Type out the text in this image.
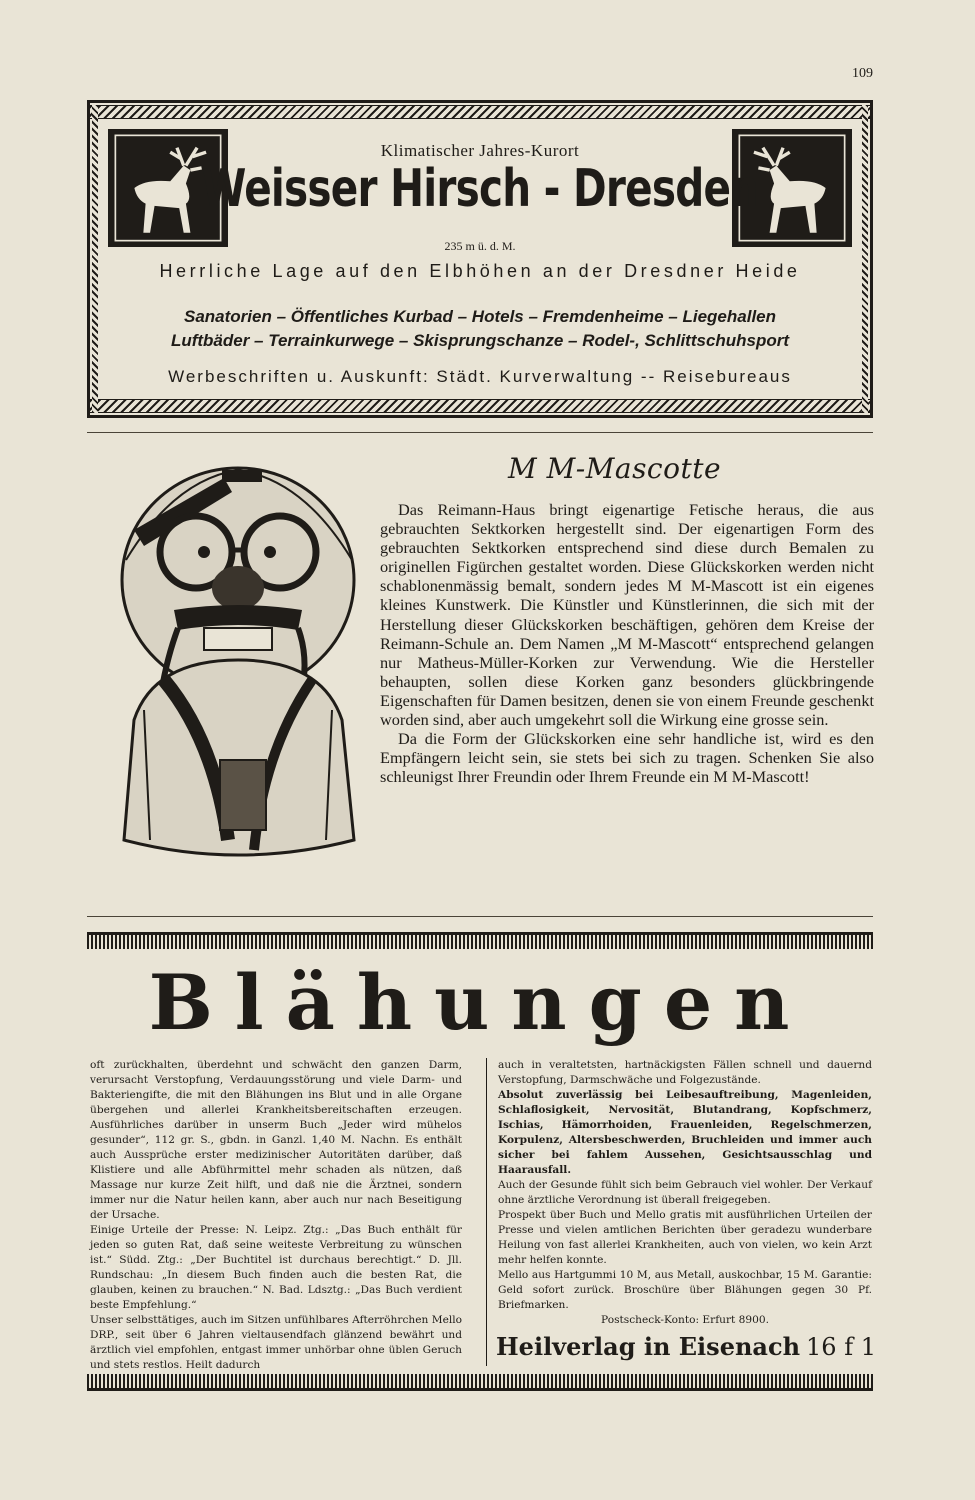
109
Klimatischer Jahres-Kurort
Weisser Hirsch - Dresden
235 m ü. d. M.
Herrliche Lage auf den Elbhöhen an der Dresdner Heide
Sanatorien – Öffentliches Kurbad – Hotels – Fremdenheime – Liegehallen
Luftbäder – Terrainkurwege – Skisprungschanze – Rodel-, Schlittschuhsport
Werbeschriften u. Auskunft: Städt. Kurverwaltung -- Reisebureaus
M M-Mascotte

Das Reimann-Haus bringt eigenartige Fetische heraus, die aus gebrauchten Sektkorken hergestellt sind. Der eigenartigen Form des gebrauchten Sektkorken entsprechend sind diese durch Bemalen zu originellen Figürchen gestaltet worden. Diese Glückskorken werden nicht schablonenmässig bemalt, sondern jedes M M-Mascott ist ein eigenes kleines Kunstwerk. Die Künstler und Künstlerinnen, die sich mit der Herstellung dieser Glückskorken beschäftigen, gehören dem Kreise der Reimann-Schule an. Dem Namen „M M-Mascott“ entsprechend gelangen nur Matheus-Müller-Korken zur Verwendung. Wie die Hersteller behaupten, sollen diese Korken ganz besonders glückbringende Eigenschaften für Damen besitzen, denen sie von einem Freunde geschenkt worden sind, aber auch umgekehrt soll die Wirkung eine grosse sein.

Da die Form der Glückskorken eine sehr handliche ist, wird es den Empfängern leicht sein, sie stets bei sich zu tragen. Schenken Sie also schleunigst Ihrer Freundin oder Ihrem Freunde ein M M-Mascott!

Blähungen

oft zurückhalten, überdehnt und schwächt den ganzen Darm, verursacht Verstopfung, Verdauungsstörung und viele Darm- und Bakteriengifte, die mit den Blähungen ins Blut und in alle Organe übergehen und allerlei Krankheitsbereitschaften erzeugen. Ausführliches darüber in unserm Buch „Jeder wird mühelos gesunder“, 112 gr. S., gbdn. in Ganzl. 1,40 M. Nachn. Es enthält auch Aussprüche erster medizinischer Autoritäten darüber, daß Klistiere und alle Abführmittel mehr schaden als nützen, daß Massage nur kurze Zeit hilft, und daß nie die Ärztnei, sondern immer nur die Natur heilen kann, aber auch nur nach Beseitigung der Ursache.

Einige Urteile der Presse: N. Leipz. Ztg.: „Das Buch enthält für jeden so guten Rat, daß seine weiteste Verbreitung zu wünschen ist.“ Südd. Ztg.: „Der Buchtitel ist durchaus berechtigt.“ D. Jll. Rundschau: „In diesem Buch finden auch die besten Rat, die glauben, keinen zu brauchen.“ N. Bad. Ldsztg.: „Das Buch verdient beste Empfehlung.“

Unser selbsttätiges, auch im Sitzen unfühlbares Afterröhrchen Mello DRP., seit über 6 Jahren vieltausendfach glänzend bewährt und ärztlich viel empfohlen, entgast immer unhörbar ohne üblen Geruch und stets restlos. Heilt dadurch

auch in veraltetsten, hartnäckigsten Fällen schnell und dauernd Verstopfung, Darmschwäche und Folgezustände.

Absolut zuverlässig bei Leibesauftreibung, Magenleiden, Schlaflosigkeit, Nervosität, Blutandrang, Kopfschmerz, Ischias, Hämorrhoiden, Frauenleiden, Regelschmerzen, Korpulenz, Altersbeschwerden, Bruchleiden und immer auch sicher bei fahlem Aussehen, Gesichtsausschlag und Haarausfall.

Auch der Gesunde fühlt sich beim Gebrauch viel wohler. Der Verkauf ohne ärztliche Verordnung ist überall freigegeben.

Prospekt über Buch und Mello gratis mit ausführlichen Urteilen der Presse und vielen amtlichen Berichten über geradezu wunderbare Heilung von fast allerlei Krankheiten, auch von vielen, wo kein Arzt mehr helfen konnte.

Mello aus Hartgummi 10 M, aus Metall, auskochbar, 15 M. Garantie: Geld sofort zurück. Broschüre über Blähungen gegen 30 Pf. Briefmarken.

Postscheck-Konto: Erfurt 8900.

Heilverlag in Eisenach 16 f 1
